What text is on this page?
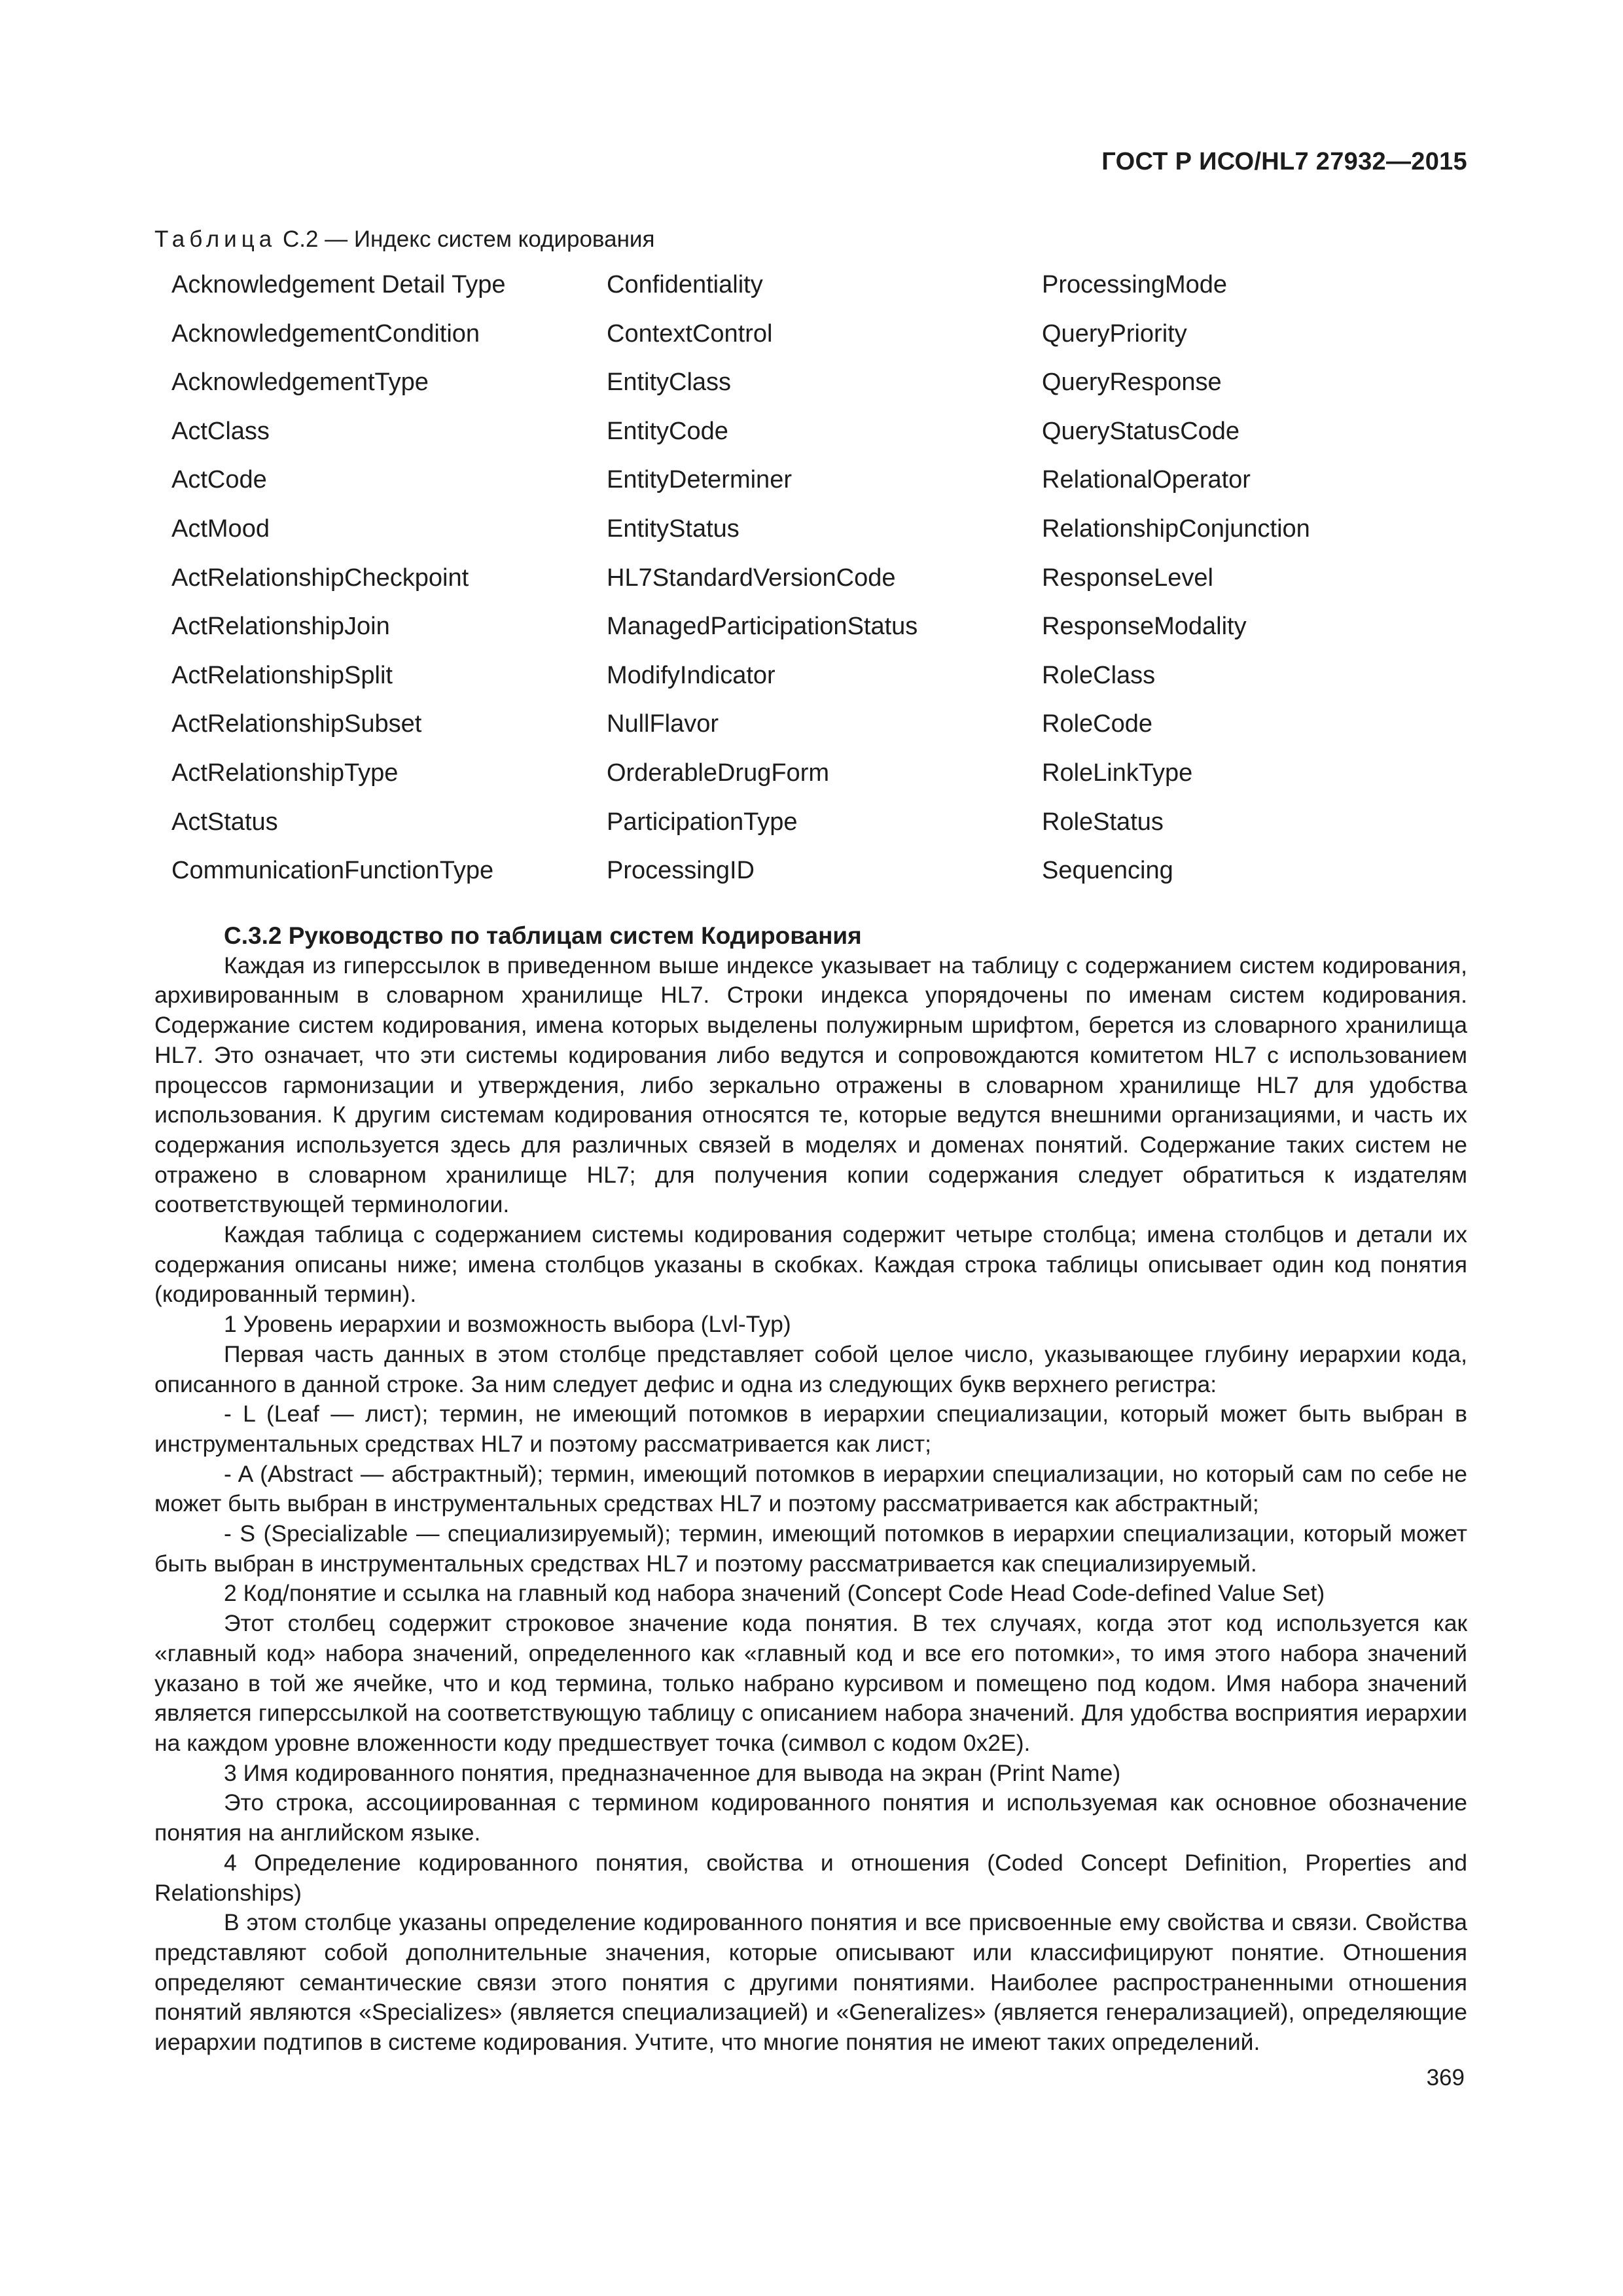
ГОСТ Р ИСО/HL7 27932—2015
Таблица С.2 — Индекс систем кодирования
Acknowledgement Detail Type	Confidentiality	ProcessingMode
AcknowledgementCondition	ContextControl	QueryPriority
AcknowledgementType	EntityClass	QueryResponse
ActClass	EntityCode	QueryStatusCode
ActCode	EntityDeterminer	RelationalOperator
ActMood	EntityStatus	RelationshipConjunction
ActRelationshipCheckpoint	HL7StandardVersionCode	ResponseLevel
ActRelationshipJoin	ManagedParticipationStatus	ResponseModality
ActRelationshipSplit	ModifyIndicator	RoleClass
ActRelationshipSubset	NullFlavor	RoleCode
ActRelationshipType	OrderableDrugForm	RoleLinkType
ActStatus	ParticipationType	RoleStatus
CommunicationFunctionType	ProcessingID	Sequencing

С.3.2 Руководство по таблицам систем Кодирования

Каждая из гиперссылок в приведенном выше индексе указывает на таблицу с содержанием систем кодирования, архивированным в словарном хранилище HL7. Строки индекса упорядочены по именам систем кодирования. Содержание систем кодирования, имена которых выделены полужирным шрифтом, берется из словарного хранилища HL7. Это означает, что эти системы кодирования либо ведутся и сопровождаются комитетом HL7 с использованием процессов гармонизации и утверждения, либо зеркально отражены в словарном хранилище HL7 для удобства использования. К другим системам кодирования относятся те, которые ведутся внешними организациями, и часть их содержания используется здесь для различных связей в моделях и доменах понятий. Содержание таких систем не отражено в словарном хранилище HL7; для получения копии содержания следует обратиться к издателям соответствующей терминологии.

Каждая таблица с содержанием системы кодирования содержит четыре столбца; имена столбцов и детали их содержания описаны ниже; имена столбцов указаны в скобках. Каждая строка таблицы описывает один код понятия (кодированный термин).

1 Уровень иерархии и возможность выбора (Lvl-Typ)

Первая часть данных в этом столбце представляет собой целое число, указывающее глубину иерархии кода, описанного в данной строке. За ним следует дефис и одна из следующих букв верхнего регистра:

- L (Leaf — лист); термин, не имеющий потомков в иерархии специализации, который может быть выбран в инструментальных средствах HL7 и поэтому рассматривается как лист;

- A (Abstract — абстрактный); термин, имеющий потомков в иерархии специализации, но который сам по себе не может быть выбран в инструментальных средствах HL7 и поэтому рассматривается как абстрактный;

- S (Specializable — специализируемый); термин, имеющий потомков в иерархии специализации, который может быть выбран в инструментальных средствах HL7 и поэтому рассматривается как специализируемый.

2 Код/понятие и ссылка на главный код набора значений (Concept Code Head Code-defined Value Set)

Этот столбец содержит строковое значение кода понятия. В тех случаях, когда этот код используется как «главный код» набора значений, определенного как «главный код и все его потомки», то имя этого набора значений указано в той же ячейке, что и код термина, только набрано курсивом и помещено под кодом. Имя набора значений является гиперссылкой на соответствующую таблицу с описанием набора значений. Для удобства восприятия иерархии на каждом уровне вложенности коду предшествует точка (символ с кодом 0x2E).

3 Имя кодированного понятия, предназначенное для вывода на экран (Print Name)

Это строка, ассоциированная с термином кодированного понятия и используемая как основное обозначение понятия на английском языке.

4 Определение кодированного понятия, свойства и отношения (Coded Concept Definition, Properties and Relationships)

В этом столбце указаны определение кодированного понятия и все присвоенные ему свойства и связи. Свойства представляют собой дополнительные значения, которые описывают или классифицируют понятие. Отношения определяют семантические связи этого понятия с другими понятиями. Наиболее распространенными отношения понятий являются «Specializes» (является специализацией) и «Generalizes» (является генерализацией), определяющие иерархии подтипов в системе кодирования. Учтите, что многие понятия не имеют таких определений.

369
